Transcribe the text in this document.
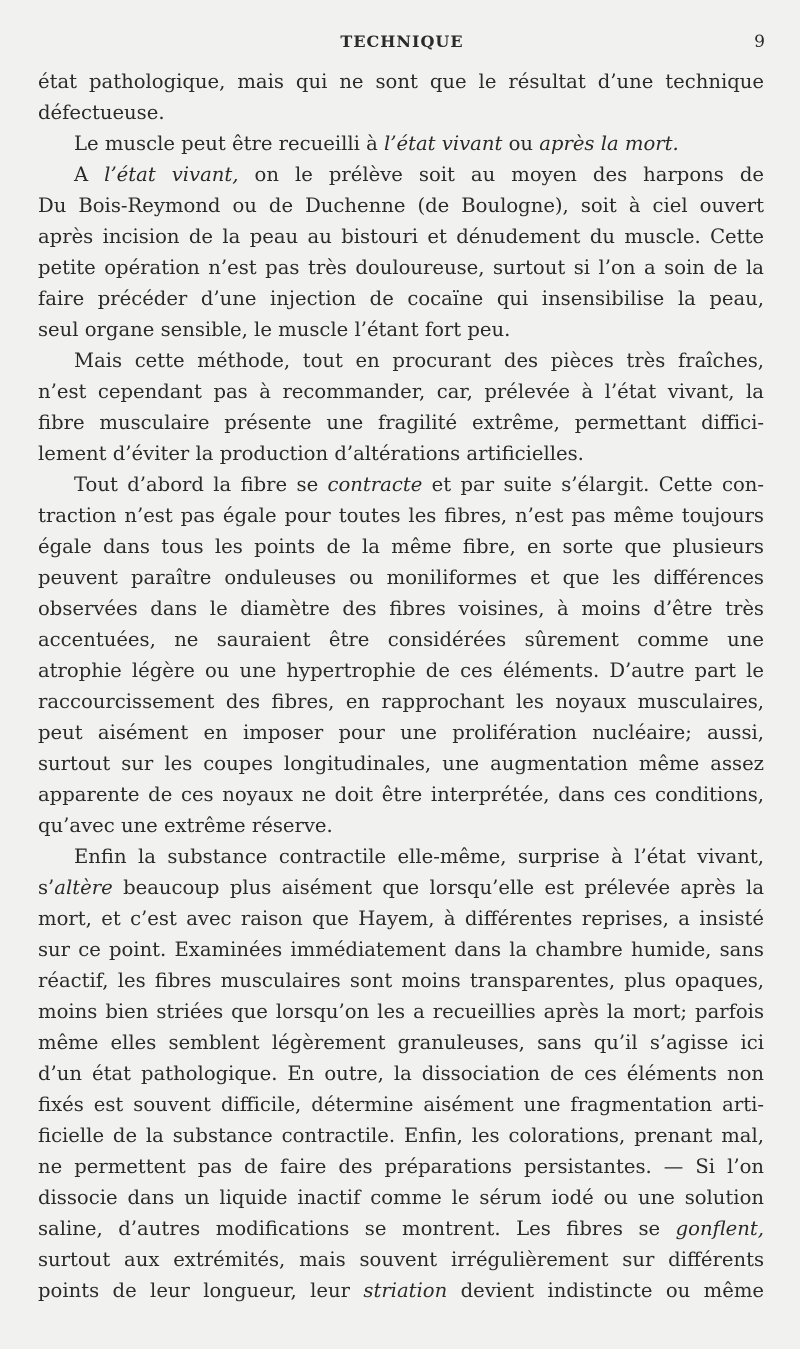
TECHNIQUE	9
état pathologique, mais qui ne sont que le résultat d’une technique
défectueuse.
Le muscle peut être recueilli à l’état vivant ou après la mort.
A l’état vivant, on le prélève soit au moyen des harpons de
Du Bois-Reymond ou de Duchenne (de Boulogne), soit à ciel ouvert
après incision de la peau au bistouri et dénudement du muscle. Cette
petite opération n’est pas très douloureuse, surtout si l’on a soin de la
faire précéder d’une injection de cocaïne qui insensibilise la peau,
seul organe sensible, le muscle l’étant fort peu.
Mais cette méthode, tout en procurant des pièces très fraîches,
n’est cependant pas à recommander, car, prélevée à l’état vivant, la
fibre musculaire présente une fragilité extrême, permettant diffici-
lement d’éviter la production d’altérations artificielles.
Tout d’abord la fibre se contracte et par suite s’élargit. Cette con-
traction n’est pas égale pour toutes les fibres, n’est pas même toujours
égale dans tous les points de la même fibre, en sorte que plusieurs
peuvent paraître onduleuses ou moniliformes et que les différences
observées dans le diamètre des fibres voisines, à moins d’être très
accentuées, ne sauraient être considérées sûrement comme une
atrophie légère ou une hypertrophie de ces éléments. D’autre part le
raccourcissement des fibres, en rapprochant les noyaux musculaires,
peut aisément en imposer pour une prolifération nucléaire; aussi,
surtout sur les coupes longitudinales, une augmentation même assez
apparente de ces noyaux ne doit être interprétée, dans ces conditions,
qu’avec une extrême réserve.
Enfin la substance contractile elle-même, surprise à l’état vivant,
s’altère beaucoup plus aisément que lorsqu’elle est prélevée après la
mort, et c’est avec raison que Hayem, à différentes reprises, a insisté
sur ce point. Examinées immédiatement dans la chambre humide, sans
réactif, les fibres musculaires sont moins transparentes, plus opaques,
moins bien striées que lorsqu’on les a recueillies après la mort; parfois
même elles semblent légèrement granuleuses, sans qu’il s’agisse ici
d’un état pathologique. En outre, la dissociation de ces éléments non
fixés est souvent difficile, détermine aisément une fragmentation arti-
ficielle de la substance contractile. Enfin, les colorations, prenant mal,
ne permettent pas de faire des préparations persistantes. — Si l’on
dissocie dans un liquide inactif comme le sérum iodé ou une solution
saline, d’autres modifications se montrent. Les fibres se gonflent,
surtout aux extrémités, mais souvent irrégulièrement sur différents
points de leur longueur, leur striation devient indistincte ou même
